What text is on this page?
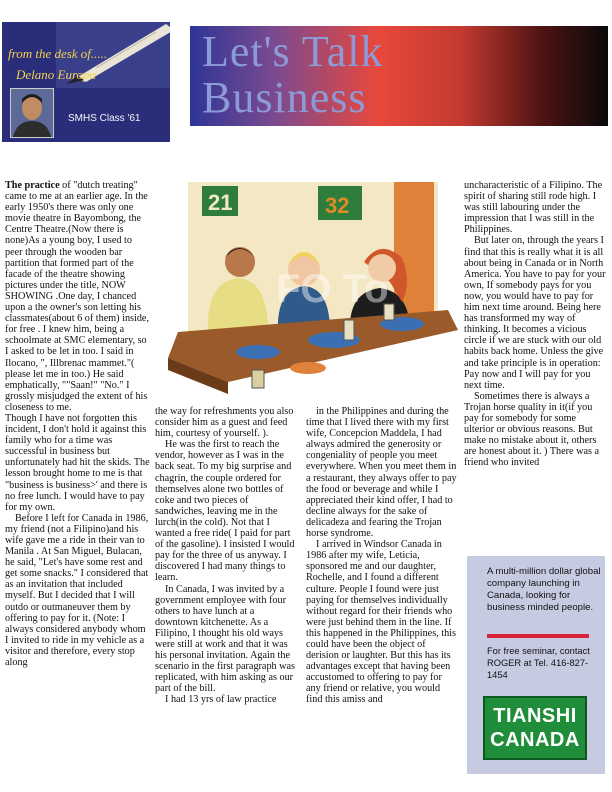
from the desk of.....
Delano Europa
SMHS Class '61
Let's Talk
Business
21	32
FO To

The practice of "dutch treating" came to me at an earlier age. In the early 1950's there was only one movie theatre in Bayombong, the Centre Theatre.(Now there is none)As a young boy, I used to peer through the wooden bar partition that formed part of the facade of the theatre showing pictures under the title, NOW SHOWING .One day, I chanced upon a the owner's son letting his classmates(about 6 of them) inside, for free . I knew him, being a schoolmate at SMC elementary, so I asked to be let in too. I said in Ilocano, ", Illbrenac mammet."( please let me in too.) He said emphatically, ""Saan!" "No." I grossly misjudged the extent of his closeness to me.

Though I have not forgotten this incident, I don't hold it against this family who for a time was successful in business but unfortunately had hit the skids. The lesson brought home to me is that "business is business>' and there is no free lunch. I would have to pay for my own.

Before I left for Canada in 1986, my friend (not a Filipino)and his wife gave me a ride in their van to Manila . At San Miguel, Bulacan, he said, "Let's have some rest and get some snacks." I considered that as an invitation that included myself. But I decided that I will outdo or outmaneuver them by offering to pay for it. (Note: I always considered anybody whom I invited to ride in my vehicle as a visitor and therefore, every stop along

the way for refreshments you also consider him as a guest and feed him, courtesy of yourself. ).

He was the first to reach the vendor, however as I was in the back seat. To my big surprise and chagrin, the couple ordered for themselves alone two bottles of coke and two pieces of sandwiches, leaving me in the lurch(in the cold). Not that I wanted a free ride( I paid for part of the gasoline). I insisted I would pay for the three of us anyway. I discovered I had many things to learn.

In Canada, I was invited by a government employee with four others to have lunch at a downtown kitchenette. As a Filipino, I thought his old ways were still at work and that it was his personal invitation. Again the scenario in the first paragraph was replicated, with him asking as our part of the bill.

I had 13 yrs of law practice

in the Philippines and during the time that I lived there with my first wife, Concepcion Maddela, I had always admired the generosity or congeniality of people you meet everywhere. When you meet them in a restaurant, they always offer to pay the food or beverage and while I appreciated their kind offer, I had to decline always for the sake of delicadeza and fearing the Trojan horse syndrome.

I arrived in Windsor Canada in 1986 after my wife, Leticia, sponsored me and our daughter, Rochelle, and I found a different culture. People I found were just paying for themselves individually without regard for their friends who were just behind them in the line. If this happened in the Philippines, this could have been the object of derision or laughter. But this has its advantages except that having been accustomed to offering to pay for any friend or relative, you would find this amiss and

uncharacteristic of a Filipino. The spirit of sharing still rode high. I was still labouring under the impression that I was still in the Philippines.

But later on, through the years I find that this is really what it is all about being in Canada or in North America. You have to pay for your own, If somebody pays for you now, you would have to pay for him next time around. Being here has transformed my way of thinking. It becomes a vicious circle if we are stuck with our old habits back home. Unless the give and take principle is in operation: Pay now and I will pay for you next time.

Sometimes there is always a Trojan horse quality in it(if you pay for somebody for some ulterior or obvious reasons. But make no mistake about it, others are honest about it. ) There was a friend who invited

A multi-million dollar global company launching in Canada, looking for business minded people.
For free seminar, contact ROGER at Tel. 416-827-1454
TIANSHI
CANADA
